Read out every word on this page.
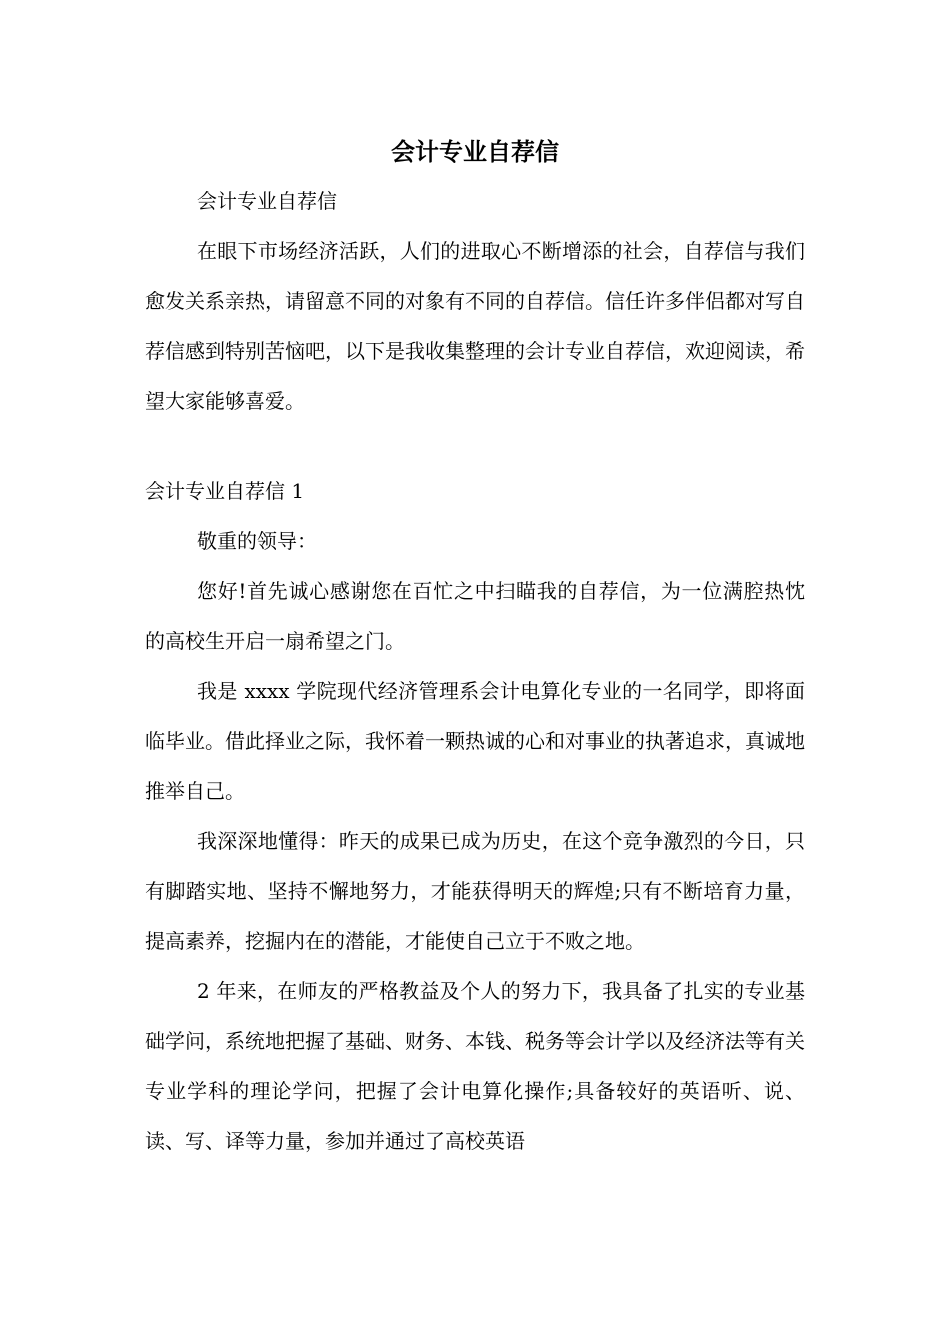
会计专业自荐信

会计专业自荐信

在眼下市场经济活跃，人们的进取心不断增添的社会，自荐信与我们愈发关系亲热，请留意不同的对象有不同的自荐信。信任许多伴侣都对写自荐信感到特别苦恼吧，以下是我收集整理的会计专业自荐信，欢迎阅读，希望大家能够喜爱。

会计专业自荐信 1

敬重的领导：

您好!首先诚心感谢您在百忙之中扫瞄我的自荐信，为一位满腔热忱的高校生开启一扇希望之门。

我是 xxxx 学院现代经济管理系会计电算化专业的一名同学，即将面临毕业。借此择业之际，我怀着一颗热诚的心和对事业的执著追求，真诚地推举自己。

我深深地懂得：昨天的成果已成为历史，在这个竞争激烈的今日，只有脚踏实地、坚持不懈地努力，才能获得明天的辉煌;只有不断培育力量，提高素养，挖掘内在的潜能，才能使自己立于不败之地。

2 年来，在师友的严格教益及个人的努力下，我具备了扎实的专业基础学问，系统地把握了基础、财务、本钱、税务等会计学以及经济法等有关专业学科的理论学问，把握了会计电算化操作;具备较好的英语听、说、读、写、译等力量，参加并通过了高校英语
